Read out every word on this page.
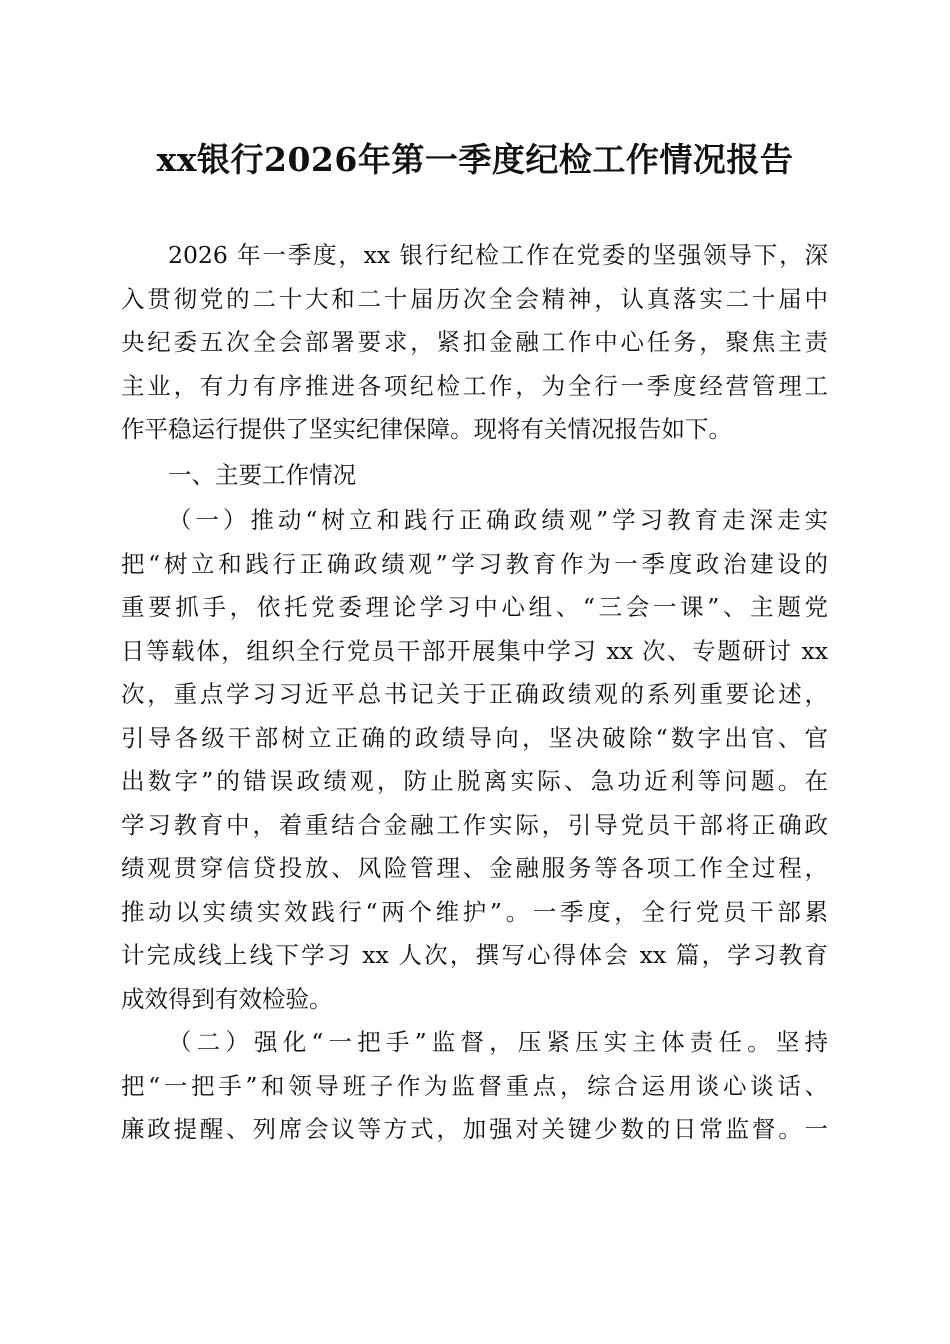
xx银行2026年第一季度纪检工作情况报告
2026 年一季度，xx 银行纪检工作在党委的坚强领导下，深
入贯彻党的二十大和二十届历次全会精神，认真落实二十届中
央纪委五次全会部署要求，紧扣金融工作中心任务，聚焦主责
主业，有力有序推进各项纪检工作，为全行一季度经营管理工
作平稳运行提供了坚实纪律保障。现将有关情况报告如下。
一、主要工作情况
（一）推动“树立和践行正确政绩观”学习教育走深走实
把“树立和践行正确政绩观”学习教育作为一季度政治建设的
重要抓手，依托党委理论学习中心组、“三会一课”、主题党
日等载体，组织全行党员干部开展集中学习 xx 次、专题研讨 xx
次，重点学习习近平总书记关于正确政绩观的系列重要论述，
引导各级干部树立正确的政绩导向，坚决破除“数字出官、官
出数字”的错误政绩观，防止脱离实际、急功近利等问题。在
学习教育中，着重结合金融工作实际，引导党员干部将正确政
绩观贯穿信贷投放、风险管理、金融服务等各项工作全过程，
推动以实绩实效践行“两个维护”。一季度，全行党员干部累
计完成线上线下学习 xx 人次，撰写心得体会 xx 篇，学习教育
成效得到有效检验。
（二）强化“一把手”监督，压紧压实主体责任。坚持
把“一把手”和领导班子作为监督重点，综合运用谈心谈话、
廉政提醒、列席会议等方式，加强对关键少数的日常监督。一
